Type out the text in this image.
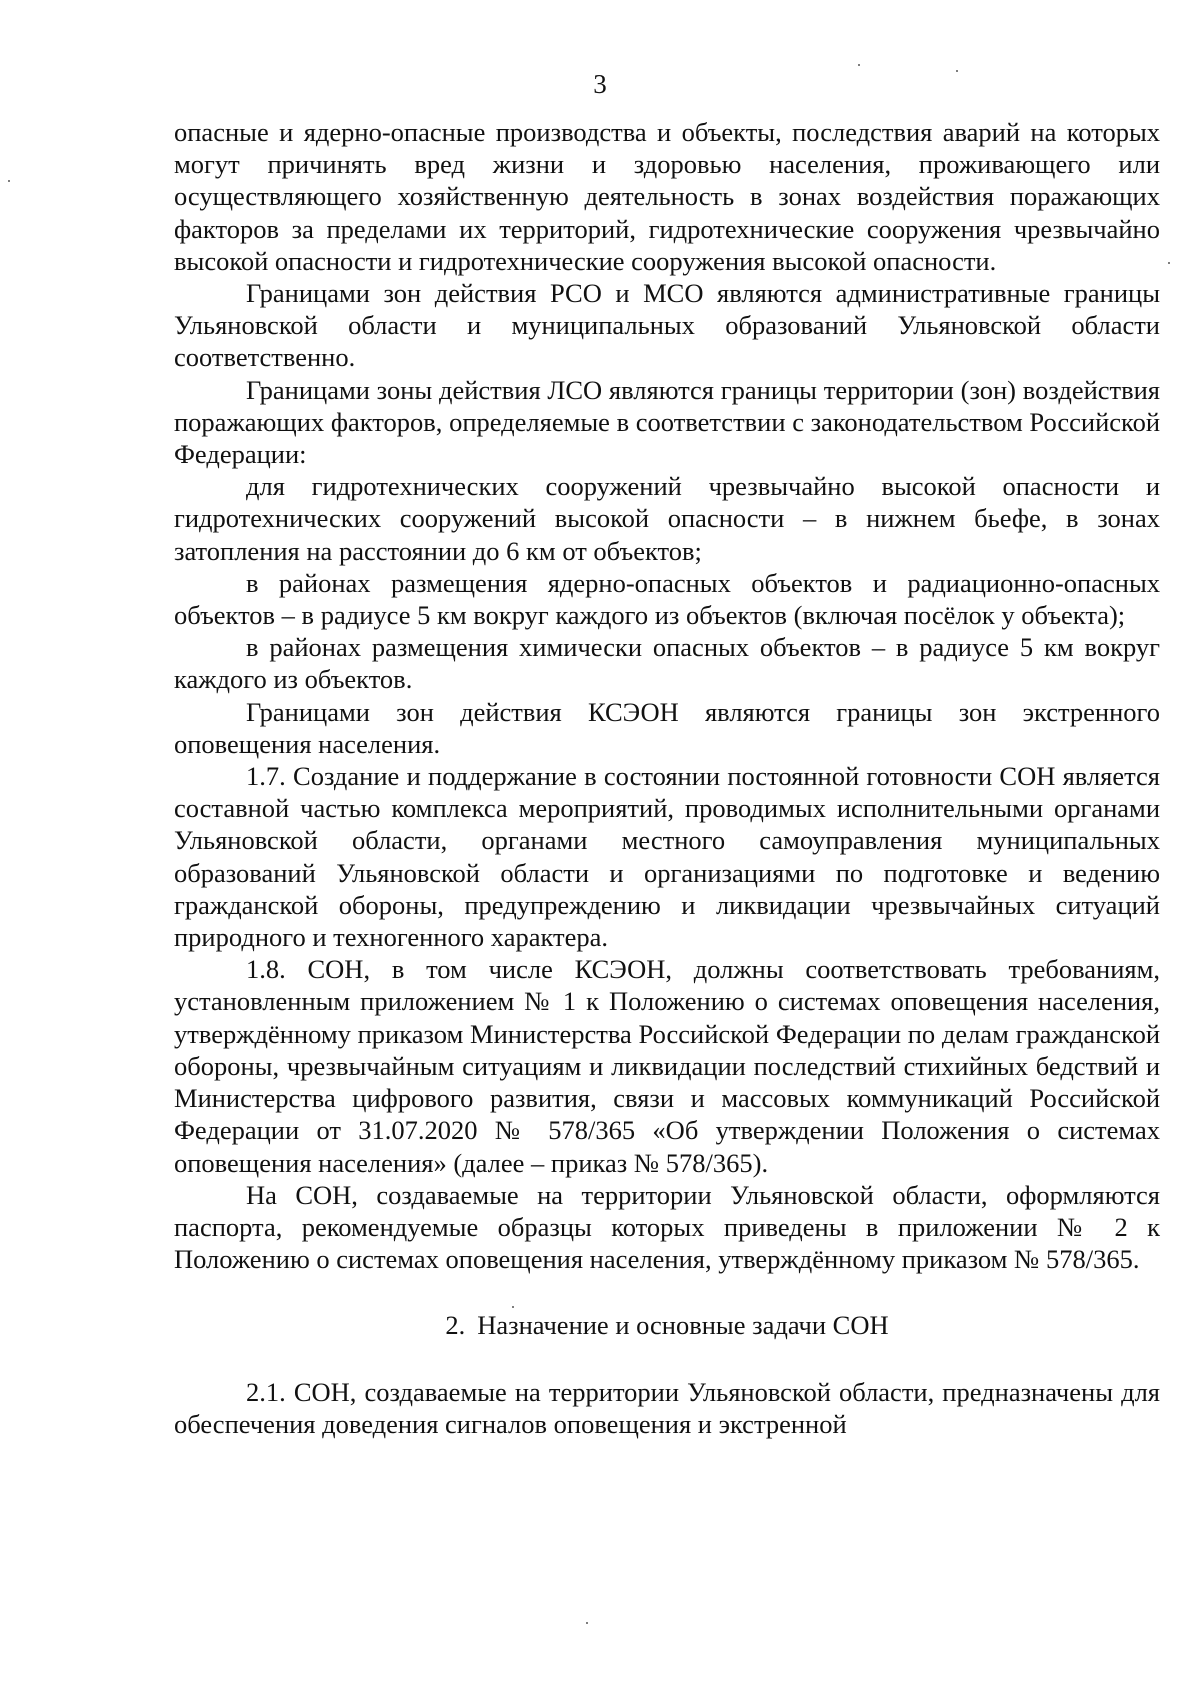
3

опасные и ядерно-опасные производства и объекты, последствия аварий на которых могут причинять вред жизни и здоровью населения, проживающего или осуществляющего хозяйственную деятельность в зонах воздействия поражающих факторов за пределами их территорий, гидротехнические сооружения чрезвычайно высокой опасности и гидротехнические сооружения высокой опасности.

Границами зон действия РСО и МСО являются административные границы Ульяновской области и муниципальных образований Ульяновской области соответственно.

Границами зоны действия ЛСО являются границы территории (зон) воздействия поражающих факторов, определяемые в соответствии с законодательством Российской Федерации:

для гидротехнических сооружений чрезвычайно высокой опасности и гидротехнических сооружений высокой опасности – в нижнем бьефе, в зонах затопления на расстоянии до 6 км от объектов;

в районах размещения ядерно-опасных объектов и радиационно-опасных объектов – в радиусе 5 км вокруг каждого из объектов (включая посёлок у объекта);

в районах размещения химически опасных объектов – в радиусе 5 км вокруг каждого из объектов.

Границами зон действия КСЭОН являются границы зон экстренного оповещения населения.

1.7. Создание и поддержание в состоянии постоянной готовности СОН является составной частью комплекса мероприятий, проводимых исполнительными органами Ульяновской области, органами местного самоуправления муниципальных образований Ульяновской области и организациями по подготовке и ведению гражданской обороны, предупреждению и ликвидации чрезвычайных ситуаций природного и техногенного характера.

1.8. СОН, в том числе КСЭОН, должны соответствовать требованиям, установленным приложением № 1 к Положению о системах оповещения населения, утверждённому приказом Министерства Российской Федерации по делам гражданской обороны, чрезвычайным ситуациям и ликвидации последствий стихийных бедствий и Министерства цифрового развития, связи и массовых коммуникаций Российской Федерации от 31.07.2020 № 578/365 «Об утверждении Положения о системах оповещения населения» (далее – приказ № 578/365).

На СОН, создаваемые на территории Ульяновской области, оформляются паспорта, рекомендуемые образцы которых приведены в приложении № 2 к Положению о системах оповещения населения, утверждённому приказом № 578/365.

2. Назначение и основные задачи СОН

2.1. СОН, создаваемые на территории Ульяновской области, предназначены для обеспечения доведения сигналов оповещения и экстренной
